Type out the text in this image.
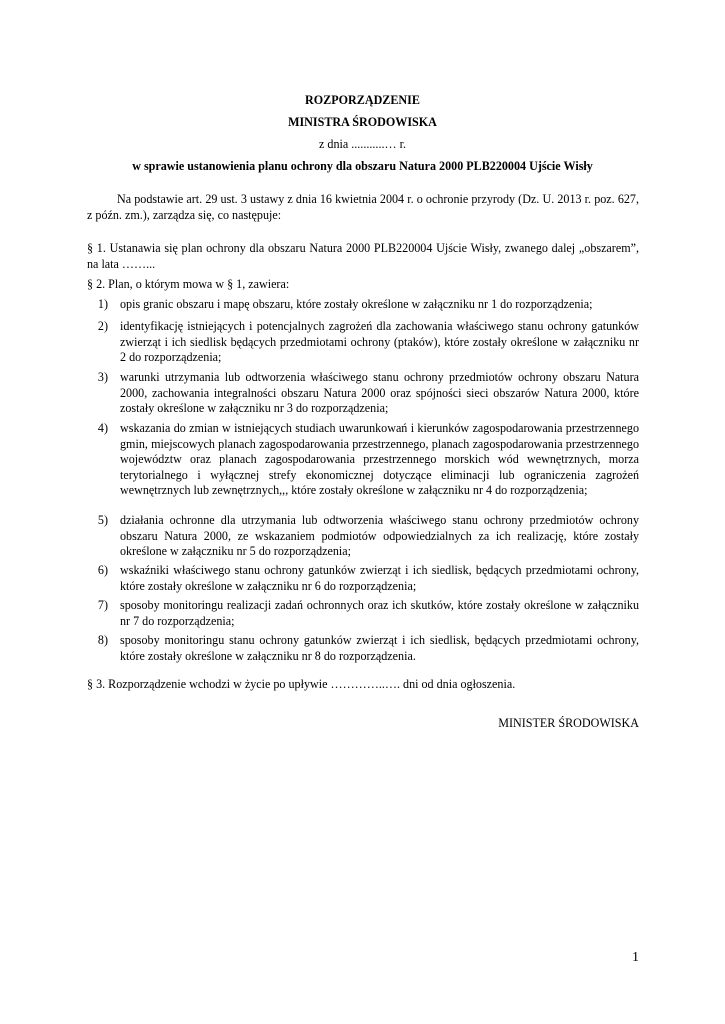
ROZPORZĄDZENIE
MINISTRA ŚRODOWISKA
z dnia ...........… r.
w sprawie ustanowienia planu ochrony dla obszaru Natura 2000 PLB220004 Ujście Wisły
Na podstawie art. 29 ust. 3 ustawy z dnia 16 kwietnia 2004 r. o ochronie przyrody (Dz. U. 2013 r. poz. 627, z późn. zm.), zarządza się, co następuje:
§ 1. Ustanawia się plan ochrony dla obszaru Natura 2000 PLB220004 Ujście Wisły, zwanego dalej „obszarem”, na lata ……...
§ 2. Plan, o którym mowa w § 1, zawiera:
1) opis granic obszaru i mapę obszaru, które zostały określone w załączniku nr 1 do rozporządzenia;
2) identyfikację istniejących i potencjalnych zagrożeń dla zachowania właściwego stanu ochrony gatunków zwierząt i ich siedlisk będących przedmiotami ochrony (ptaków), które zostały określone w załączniku nr 2 do rozporządzenia;
3) warunki utrzymania lub odtworzenia właściwego stanu ochrony przedmiotów ochrony obszaru Natura 2000, zachowania integralności obszaru Natura 2000 oraz spójności sieci obszarów Natura 2000, które zostały określone w załączniku nr 3 do rozporządzenia;
4) wskazania do zmian w istniejących studiach uwarunkowań i kierunków zagospodarowania przestrzennego gmin, miejscowych planach zagospodarowania przestrzennego, planach zagospodarowania przestrzennego województw oraz planach zagospodarowania przestrzennego morskich wód wewnętrznych, morza terytorialnego i wyłącznej strefy ekonomicznej dotyczące eliminacji lub ograniczenia zagrożeń wewnętrznych lub zewnętrznych,,, które zostały określone w załączniku nr 4 do rozporządzenia;
5) działania ochronne dla utrzymania lub odtworzenia właściwego stanu ochrony przedmiotów ochrony obszaru Natura 2000, ze wskazaniem podmiotów odpowiedzialnych za ich realizację, które zostały określone w załączniku nr 5 do rozporządzenia;
6) wskaźniki właściwego stanu ochrony gatunków zwierząt i ich siedlisk, będących przedmiotami ochrony, które zostały określone w załączniku nr 6 do rozporządzenia;
7) sposoby monitoringu realizacji zadań ochronnych oraz ich skutków, które zostały określone w załączniku nr 7 do rozporządzenia;
8) sposoby monitoringu stanu ochrony gatunków zwierząt i ich siedlisk, będących przedmiotami ochrony, które zostały określone w załączniku nr 8 do rozporządzenia.
§ 3. Rozporządzenie wchodzi w życie po upływie …………..…. dni od dnia ogłoszenia.
MINISTER ŚRODOWISKA
1
